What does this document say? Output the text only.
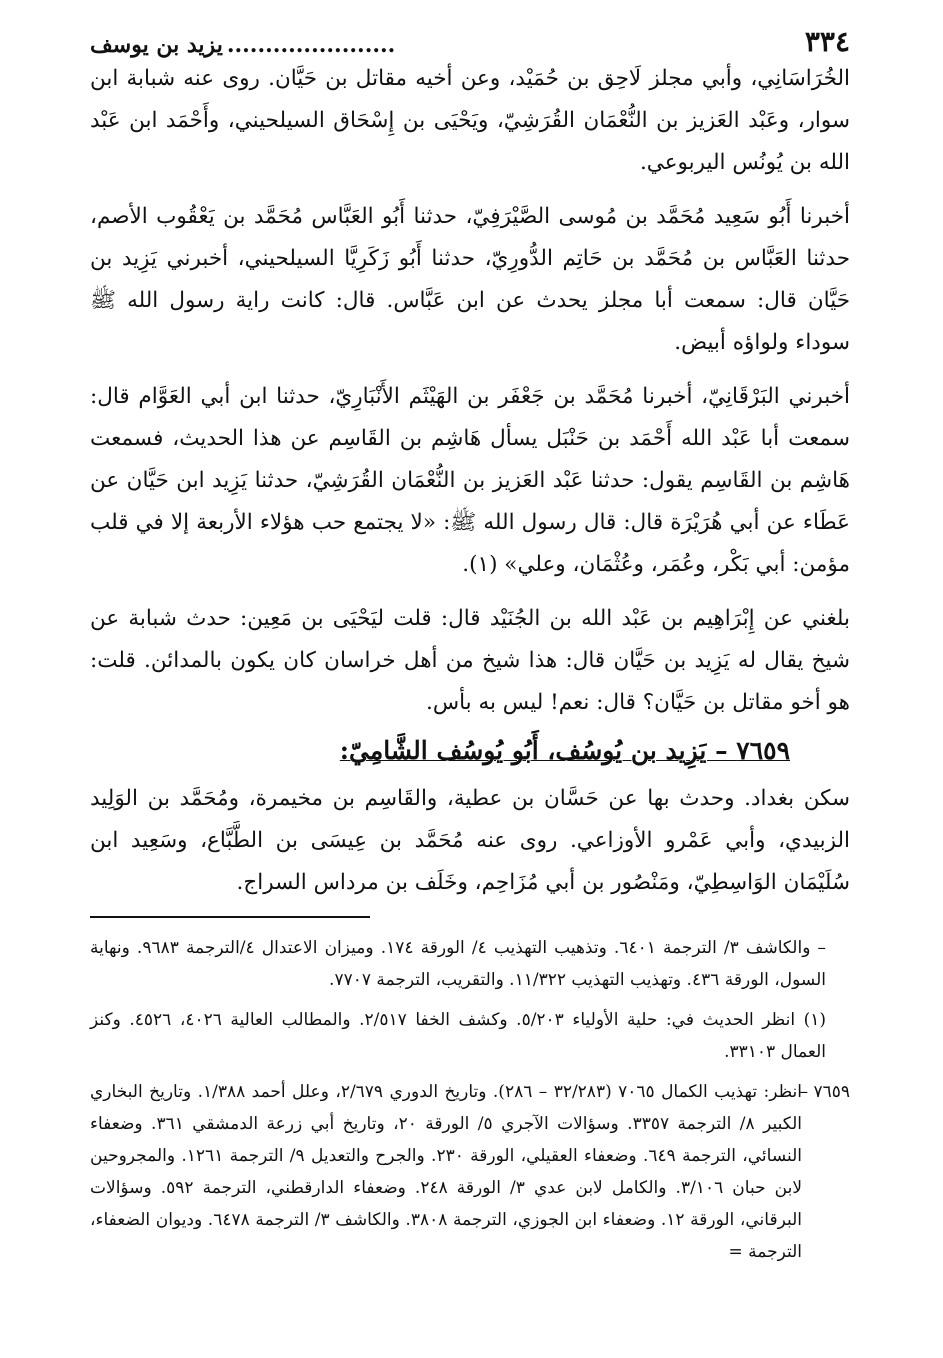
٣٣٤
..... يزيد بن يوسف

الخُرَاسَانِي، وأبي مجلز لَاحِق بن حُمَيْد، وعن أخيه مقاتل بن حَيَّان. روى عنه شبابة ابن سوار، وعَبْد العَزيز بن النُّعْمَان القُرَشِيّ، ويَحْيَى بن إِسْحَاق السيلحيني، وأَحْمَد ابن عَبْد الله بن يُونُس اليربوعي.

أخبرنا أَبُو سَعِيد مُحَمَّد بن مُوسى الصَّيْرَفِيّ، حدثنا أَبُو العَبَّاس مُحَمَّد بن يَعْقُوب الأصم، حدثنا العَبَّاس بن مُحَمَّد بن حَاتِم الدُّورِيّ، حدثنا أَبُو زَكَرِيَّا السيلحيني، أخبرني يَزِيد بن حَيَّان قال: سمعت أبا مجلز يحدث عن ابن عَبَّاس. قال: كانت راية رسول الله ﷺ سوداء ولواؤه أبيض.

أخبرني البَرْقَانِيّ، أخبرنا مُحَمَّد بن جَعْفَر بن الهَيْثَم الأَنْبَارِيّ، حدثنا ابن أبي العَوَّام قال: سمعت أبا عَبْد الله أَحْمَد بن حَنْبَل يسأل هَاشِم بن القَاسِم عن هذا الحديث، فسمعت هَاشِم بن القَاسِم يقول: حدثنا عَبْد العَزيز بن النُّعْمَان القُرَشِيّ، حدثنا يَزِيد ابن حَيَّان عن عَطَاء عن أبي هُرَيْرَة قال: قال رسول الله ﷺ: «لا يجتمع حب هؤلاء الأربعة إلا في قلب مؤمن: أبي بَكْر، وعُمَر، وعُثْمَان، وعلي» (١).

بلغني عن إِبْرَاهِيم بن عَبْد الله بن الجُنَيْد قال: قلت ليَحْيَى بن مَعِين: حدث شبابة عن شيخ يقال له يَزِيد بن حَيَّان قال: هذا شيخ من أهل خراسان كان يكون بالمدائن. قلت: هو أخو مقاتل بن حَيَّان؟ قال: نعم! ليس به بأس.

٧٦٥٩ – يَزِيد بن يُوسُف، أَبُو يُوسُف الشَّامِيّ:

سكن بغداد. وحدث بها عن حَسَّان بن عطية، والقَاسِم بن مخيمرة، ومُحَمَّد بن الوَلِيد الزبيدي، وأبي عَمْرو الأوزاعي. روى عنه مُحَمَّد بن عِيسَى بن الطَّبَّاع، وسَعِيد ابن سُلَيْمَان الوَاسِطِيّ، ومَنْصُور بن أبي مُزَاحِم، وخَلَف بن مرداس السراج.

– والكاشف ٣/ الترجمة ٦٤٠١. وتذهيب التهذيب ٤/ الورقة ١٧٤. وميزان الاعتدال ٤/الترجمة ٩٦٨٣. ونهاية السول، الورقة ٤٣٦. وتهذيب التهذيب ١١/٣٢٢. والتقريب، الترجمة ٧٧٠٧.

(١) انظر الحديث في: حلية الأولياء ٥/٢٠٣. وكشف الخفا ٢/٥١٧. والمطالب العالية ٤٠٢٦، ٤٥٢٦. وكنز العمال ٣٣١٠٣.

٧٦٥٩ –
انظر: تهذيب الكمال ٧٠٦٥ (٣٢/٢٨٣ – ٢٨٦). وتاريخ الدوري ٢/٦٧٩، وعلل أحمد ١/٣٨٨. وتاريخ البخاري الكبير ٨/ الترجمة ٣٣٥٧. وسؤالات الآجري ٥/ الورقة ٢٠، وتاريخ أبي زرعة الدمشقي ٣٦١. وضعفاء النسائي، الترجمة ٦٤٩. وضعفاء العقيلي، الورقة ٢٣٠. والجرح والتعديل ٩/ الترجمة ١٢٦١. والمجروحين لابن حبان ٣/١٠٦. والكامل لابن عدي ٣/ الورقة ٢٤٨. وضعفاء الدارقطني، الترجمة ٥٩٢. وسؤالات البرقاني، الورقة ١٢. وضعفاء ابن الجوزي، الترجمة ٣٨٠٨. والكاشف ٣/ الترجمة ٦٤٧٨. وديوان الضعفاء، الترجمة =
